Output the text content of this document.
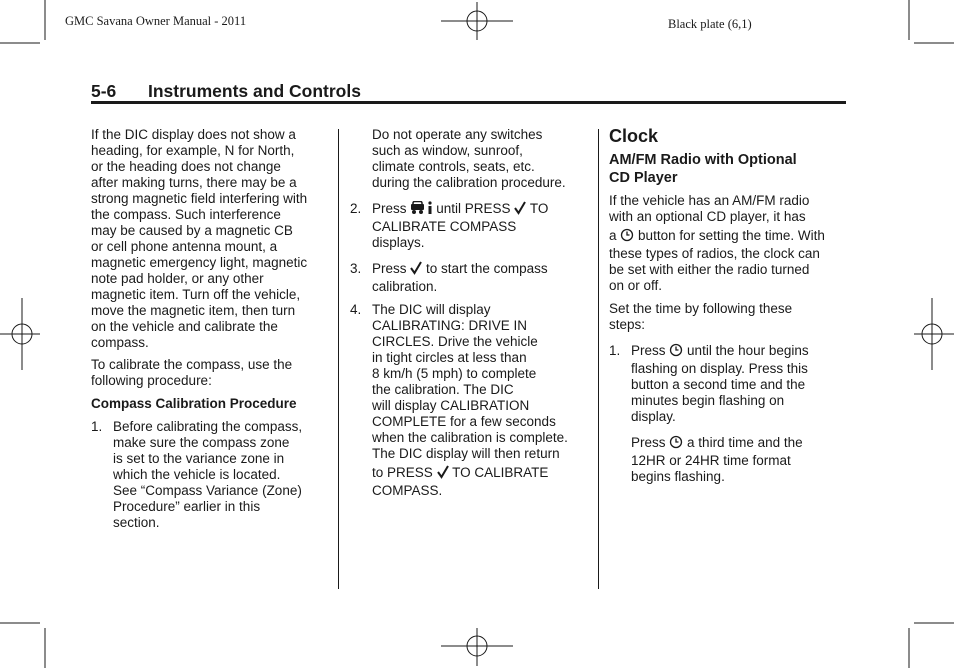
GMC Savana Owner Manual - 2011	Black plate (6,1)
5-6 Instruments and Controls

If the DIC display does not show a

heading, for example, N for North,

or the heading does not change

after making turns, there may be a

strong magnetic field interfering with

the compass. Such interference

may be caused by a magnetic CB

or cell phone antenna mount, a

magnetic emergency light, magnetic

note pad holder, or any other

magnetic item. Turn off the vehicle,

move the magnetic item, then turn

on the vehicle and calibrate the

compass.

To calibrate the compass, use the

following procedure:

Compass Calibration Procedure
1. Before calibrating the compass,

make sure the compass zone

is set to the variance zone in

which the vehicle is located.

See “Compass Variance (Zone)

Procedure” earlier in this

section.

Do not operate any switches

such as window, sunroof,

climate controls, seats, etc.

during the calibration procedure.

2. Press until PRESS TO

CALIBRATE COMPASS

displays.

3. Press to start the compass

calibration.

4. The DIC will display

CALIBRATING: DRIVE IN

CIRCLES. Drive the vehicle

in tight circles at less than

8 km/h (5 mph) to complete

the calibration. The DIC

will display CALIBRATION

COMPLETE for a few seconds

when the calibration is complete.

The DIC display will then return

to PRESS TO CALIBRATE

COMPASS.

Clock
AM/FM Radio with Optional
CD Player

If the vehicle has an AM/FM radio

with an optional CD player, it has

a button for setting the time. With

these types of radios, the clock can

be set with either the radio turned

on or off.

Set the time by following these

steps:

1. Press until the hour begins

flashing on display. Press this

button a second time and the

minutes begin flashing on

display.

Press a third time and the

12HR or 24HR time format

begins flashing.
